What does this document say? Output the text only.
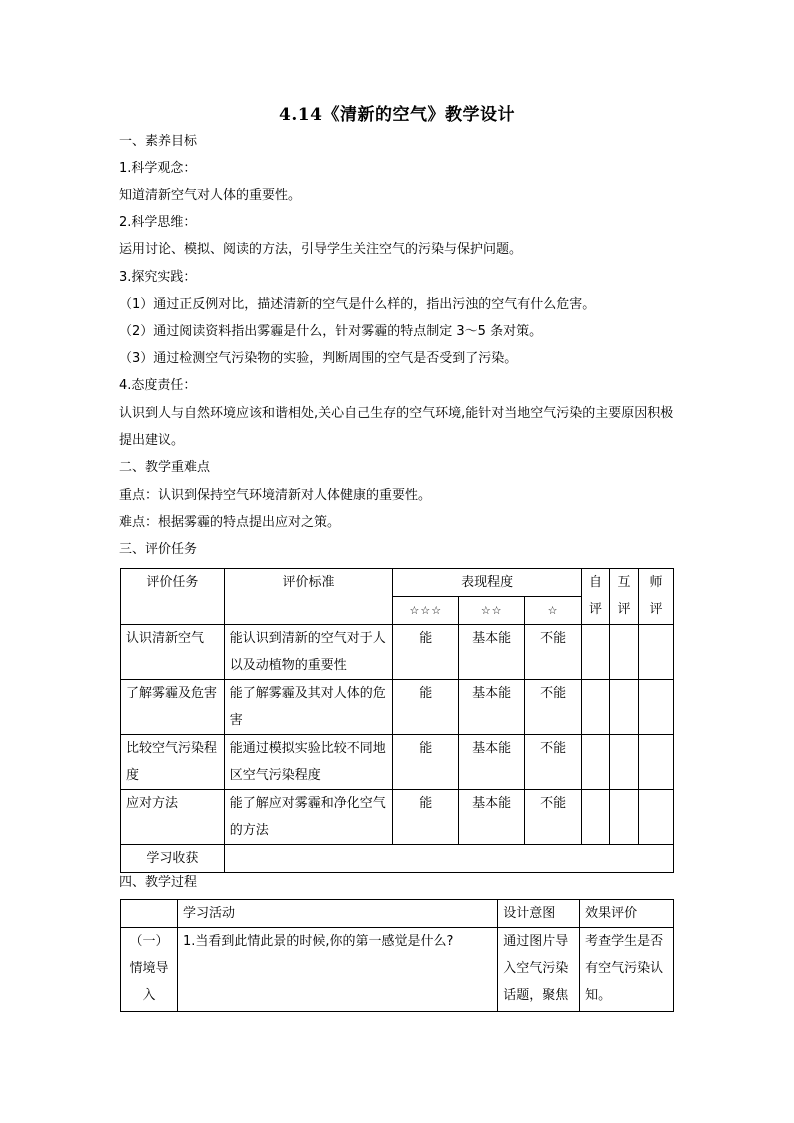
4.14《清新的空气》教学设计
一、素养目标
1.科学观念：
知道清新空气对人体的重要性。
2.科学思维：
运用讨论、模拟、阅读的方法，引导学生关注空气的污染与保护问题。
3.探究实践：
（1）通过正反例对比，描述清新的空气是什么样的，指出污浊的空气有什么危害。
（2）通过阅读资料指出雾霾是什么，针对雾霾的特点制定 3～5 条对策。
（3）通过检测空气污染物的实验，判断周围的空气是否受到了污染。
4.态度责任：
认识到人与自然环境应该和谐相处,关心自己生存的空气环境,能针对当地空气污染的主要原因积极提出建议。
二、教学重难点
重点：认识到保持空气环境清新对人体健康的重要性。
难点：根据雾霾的特点提出应对之策。
三、评价任务
评价任务	评价标准	表现程度			自评	互评	师评
		☆☆☆	☆☆	☆			
认识清新空气	能认识到清新的空气对于人以及动植物的重要性	能	基本能	不能			
了解雾霾及危害	能了解雾霾及其对人体的危害	能	基本能	不能			
比较空气污染程度	能通过模拟实验比较不同地区空气污染程度	能	基本能	不能			
应对方法	能了解应对雾霾和净化空气的方法	能	基本能	不能			
学习收获							
四、教学过程
	学习活动	设计意图	效果评价
（一）情境导入	1.当看到此情此景的时候,你的第一感觉是什么?	通过图片导入空气污染话题，聚焦	考查学生是否有空气污染认知。
